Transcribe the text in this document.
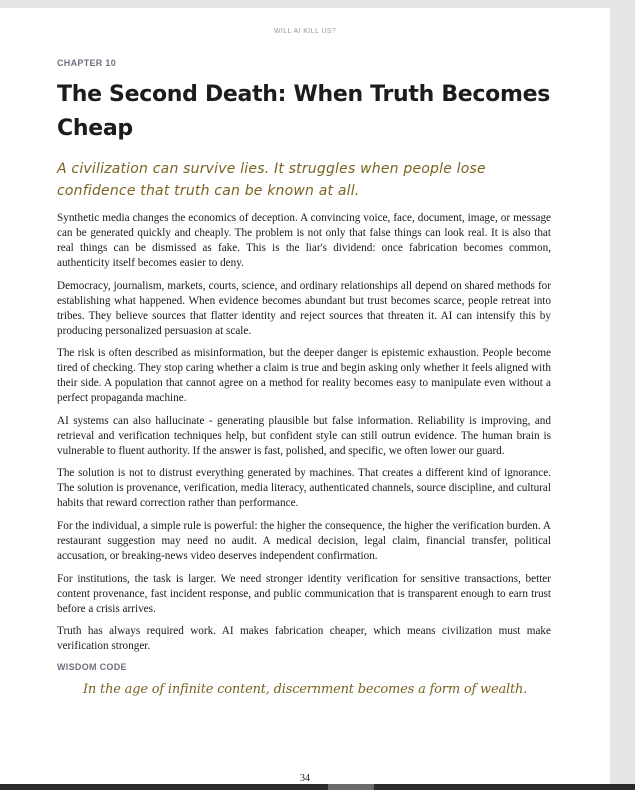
WILL AI KILL US?
CHAPTER 10
The Second Death: When Truth Becomes Cheap
A civilization can survive lies. It struggles when people lose confidence that truth can be known at all.

Synthetic media changes the economics of deception. A convincing voice, face, document, image, or message can be generated quickly and cheaply. The problem is not only that false things can look real. It is also that real things can be dismissed as fake. This is the liar's dividend: once fabrication becomes common, authenticity itself becomes easier to deny.

Democracy, journalism, markets, courts, science, and ordinary relationships all depend on shared methods for establishing what happened. When evidence becomes abundant but trust becomes scarce, people retreat into tribes. They believe sources that flatter identity and reject sources that threaten it. AI can intensify this by producing personalized persuasion at scale.

The risk is often described as misinformation, but the deeper danger is epistemic exhaustion. People become tired of checking. They stop caring whether a claim is true and begin asking only whether it feels aligned with their side. A population that cannot agree on a method for reality becomes easy to manipulate even without a perfect propaganda machine.

AI systems can also hallucinate - generating plausible but false information. Reliability is improving, and retrieval and verification techniques help, but confident style can still outrun evidence. The human brain is vulnerable to fluent authority. If the answer is fast, polished, and specific, we often lower our guard.

The solution is not to distrust everything generated by machines. That creates a different kind of ignorance. The solution is provenance, verification, media literacy, authenticated channels, source discipline, and cultural habits that reward correction rather than performance.

For the individual, a simple rule is powerful: the higher the consequence, the higher the verification burden. A restaurant suggestion may need no audit. A medical decision, legal claim, financial transfer, political accusation, or breaking-news video deserves independent confirmation.

For institutions, the task is larger. We need stronger identity verification for sensitive transactions, better content provenance, fast incident response, and public communication that is transparent enough to earn trust before a crisis arrives.

Truth has always required work. AI makes fabrication cheaper, which means civilization must make verification stronger.

WISDOM CODE
In the age of infinite content, discernment becomes a form of wealth.
34
